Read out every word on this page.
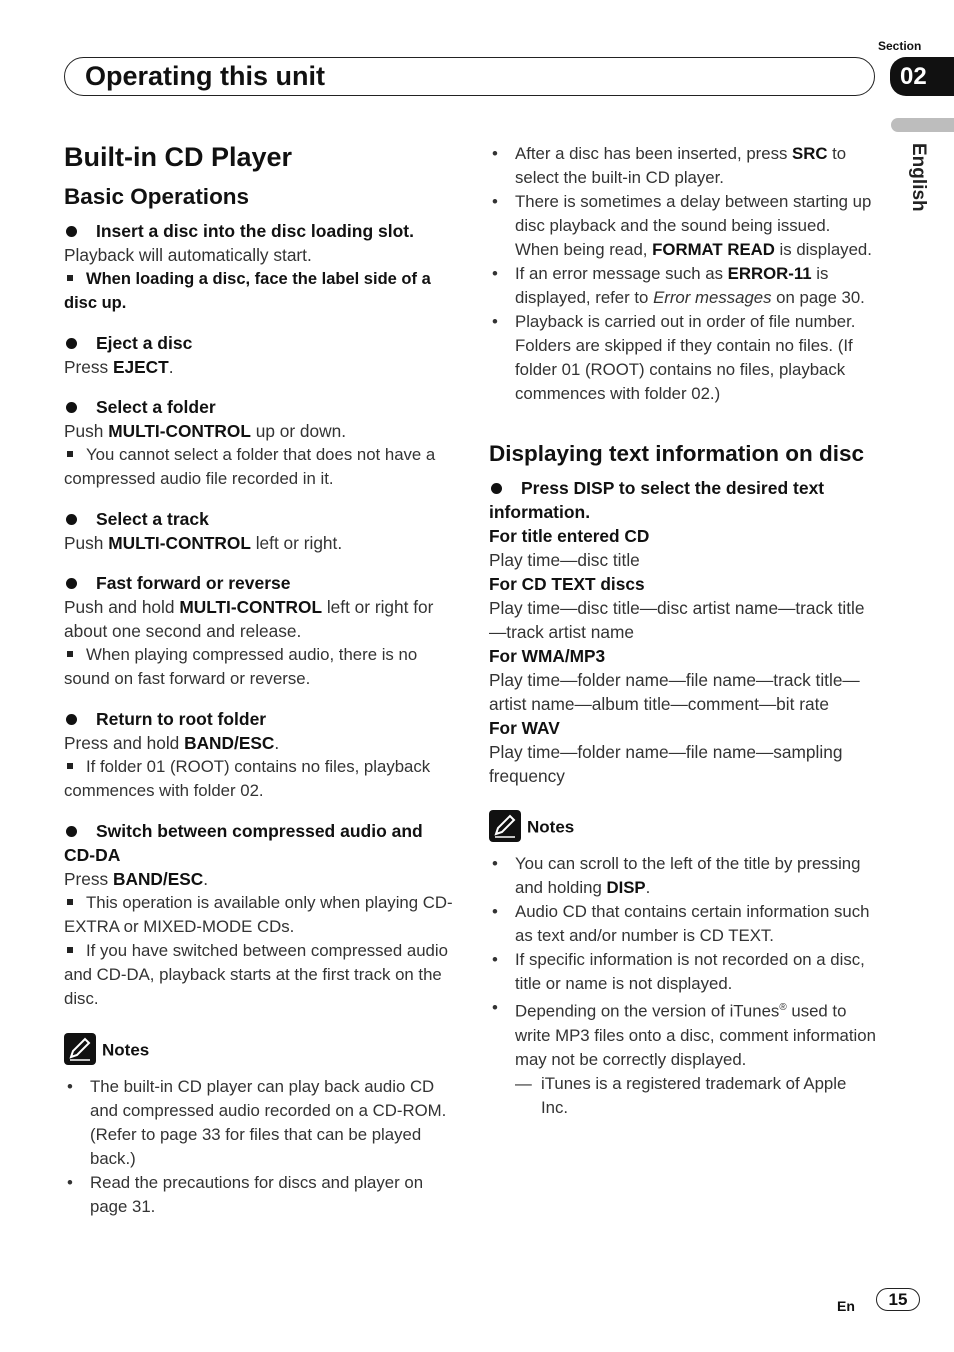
Section
02
Operating this unit
English
Built-in CD Player
Basic Operations

Insert a disc into the disc loading slot.

Playback will automatically start.

When loading a disc, face the label side of a disc up.

Eject a disc

Press EJECT.

Select a folder

Push MULTI-CONTROL up or down.

You cannot select a folder that does not have a compressed audio file recorded in it.

Select a track

Push MULTI-CONTROL left or right.

Fast forward or reverse

Push and hold MULTI-CONTROL left or right for about one second and release.

When playing compressed audio, there is no sound on fast forward or reverse.

Return to root folder

Press and hold BAND/ESC.

If folder 01 (ROOT) contains no files, playback commences with folder 02.

Switch between compressed audio and CD-DA

Press BAND/ESC.

This operation is available only when playing CD-EXTRA or MIXED-MODE CDs.

If you have switched between compressed audio and CD-DA, playback starts at the first track on the disc.

Notes

• The built-in CD player can play back audio CD and compressed audio recorded on a CD-ROM. (Refer to page 33 for files that can be played back.)

• Read the precautions for discs and player on page 31.

• After a disc has been inserted, press SRC to select the built-in CD player.

• There is sometimes a delay between starting up disc playback and the sound being issued. When being read, FORMAT READ is displayed.

• If an error message such as ERROR-11 is displayed, refer to Error messages on page 30.

• Playback is carried out in order of file number. Folders are skipped if they contain no files. (If folder 01 (ROOT) contains no files, playback commences with folder 02.)

Displaying text information on disc

Press DISP to select the desired text information.

For title entered CD

Play time—disc title

For CD TEXT discs

Play time—disc title—disc artist name—track title—track artist name

For WMA/MP3

Play time—folder name—file name—track title—artist name—album title—comment—bit rate

For WAV

Play time—folder name—file name—sampling frequency

Notes

• You can scroll to the left of the title by pressing and holding DISP.

• Audio CD that contains certain information such as text and/or number is CD TEXT.

• If specific information is not recorded on a disc, title or name is not displayed.

• Depending on the version of iTunes® used to write MP3 files onto a disc, comment information may not be correctly displayed.

— iTunes is a registered trademark of Apple Inc.

En	15
